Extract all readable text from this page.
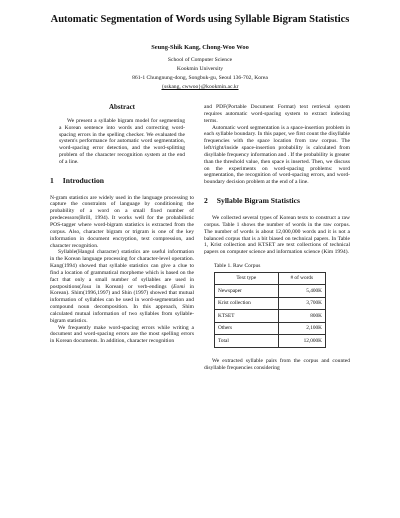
Automatic Segmentation of Words using Syllable Bigram Statistics
Seung-Shik Kang, Chong-Woo Woo
School of Computer Science
Kookmin University
861-1 Chungnung-dong, Songbuk-gu, Seoul 136-702, Korea
{sskang, cwwoo}@kookmin.ac.kr
Abstract

We present a syllable bigram model for segmenting a Korean sentence into words and correcting word-spacing errors in the spelling checker. We evaluated the system's performance for automatic word segmentation, word-spacing error detection, and the word-splitting problem of the character recognition system at the end of a line.

1 Introduction

N-gram statistics are widely used in the language processing to capture the constraints of language by conditioning the probability of a word on a small fixed number of predecessors(Brill, 1994). It works well for the probabilistic POS-tagger where word-bigram statistics is extracted from the corpus. Also, character bigram or trigram is one of the key information in document encryption, text compression, and character recognition.

Syllable(Hangul character) statistics are useful information in the Korean language processing for character-level operation. Kang(1994) showed that syllable statistics can give a clue to find a location of grammatical morpheme which is based on the fact that only a small number of syllables are used in postpositions(Josa in Korean) or verb-endings (Eomi in Korean). Shim(1996,1997) and Shin (1997) showed that mutual information of syllables can be used in word-segmentation and compound noun decomposition. In this approach, Shim calculated mutual information of two syllables from syllable-bigram statistics.

We frequently make word-spacing errors while writing a document and word-spacing errors are the most spelling errors in Korean documents. In addition, character recognition

and PDF(Portable Document Format) text retrieval system requires automatic word-spacing system to extract indexing terms.

Automatic word segmentation is a space-insertion problem in each syllable boundary. In this paper, we first count the disyllable frequencies with the space location from raw corpus. The left/right/inside space-insertion probability is calculated from disyllable frequency information and . If the probability is greater than the threshold value, then space is inserted. Then, we discuss on the experiments on word-spacing problems: word segmentation, the recognition of word-spacing errors, and word-boundary decision problem at the end of a line.

2 Syllable Bigram Statistics

We collected several types of Korean texts to construct a raw corpus. Table 1 shows the number of words in the raw corpus. The number of words is about 12,000,000 words and it is not a balanced corpus that is a bit biased on technical papers. In Table 1, Krist collection and KTSET are text collections of technical papers on computer science and information science (Kim 1994).

Table 1. Raw Corpus
Text type	# of words
Newspaper	5,400K
Krist collection	3,700K
KTSET	800K
Others	2,100K
Total	12,000K

We extracted syllable pairs from the corpus and counted disyllable frequencies considering
